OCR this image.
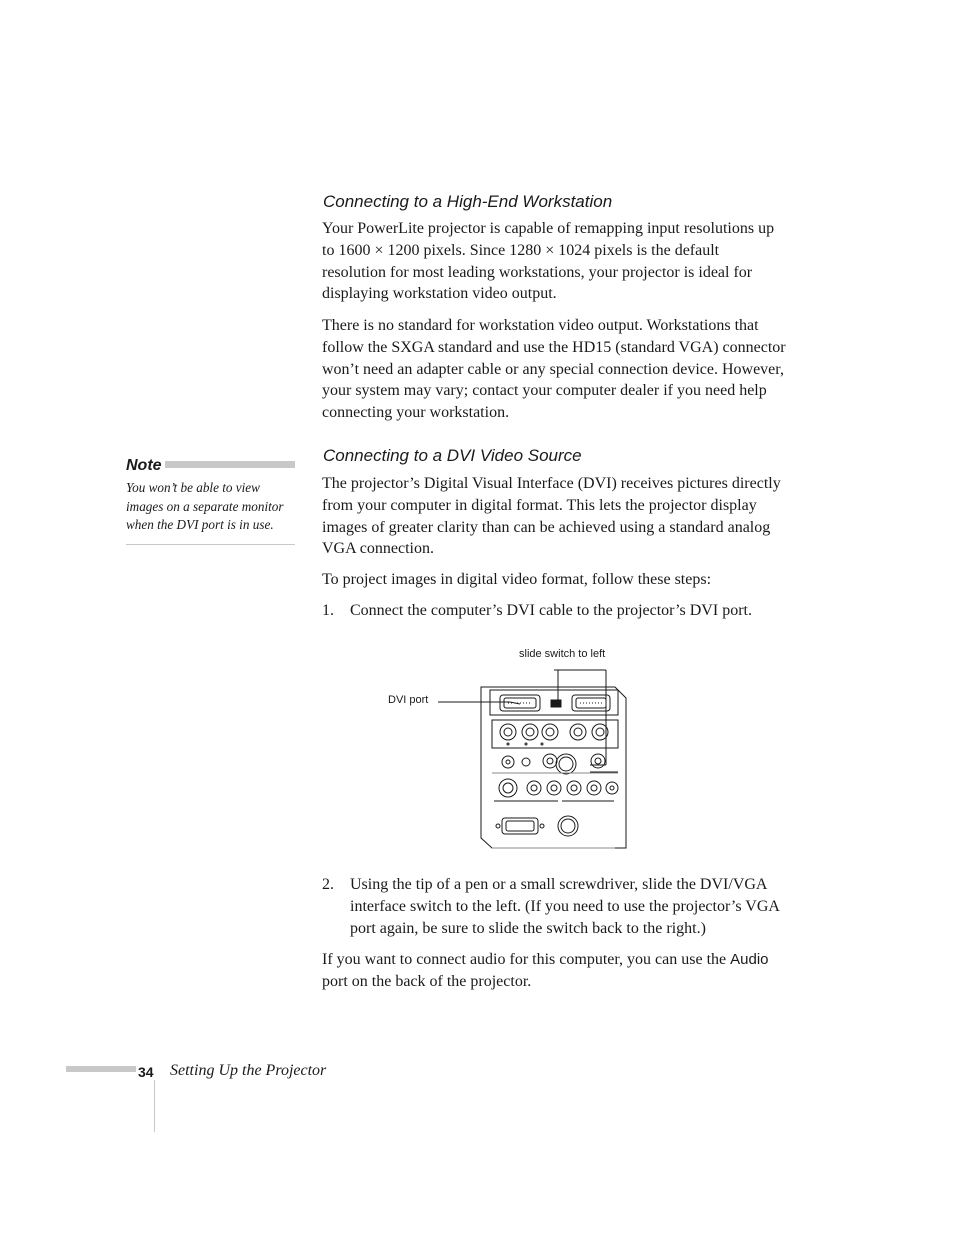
Connecting to a High-End Workstation

Your PowerLite projector is capable of remapping input resolutions up to 1600 × 1200 pixels. Since 1280 × 1024 pixels is the default resolution for most leading workstations, your projector is ideal for displaying workstation video output.

There is no standard for workstation video output. Workstations that follow the SXGA standard and use the HD15 (standard VGA) connector won’t need an adapter cable or any special connection device. However, your system may vary; contact your computer dealer if you need help connecting your workstation.

Note

You won’t be able to view images on a separate monitor when the DVI port is in use.

Connecting to a DVI Video Source

The projector’s Digital Visual Interface (DVI) receives pictures directly from your computer in digital format. This lets the projector display images of greater clarity than can be achieved using a standard analog VGA connection.

To project images in digital video format, follow these steps:

1. Connect the computer’s DVI cable to the projector’s DVI port.

slide switch to left
DVI port
2. Using the tip of a pen or a small screwdriver, slide the DVI/VGA interface switch to the left. (If you need to use the projector’s VGA port again, be sure to slide the switch back to the right.)

If you want to connect audio for this computer, you can use the Audio port on the back of the projector.

34 Setting Up the Projector
